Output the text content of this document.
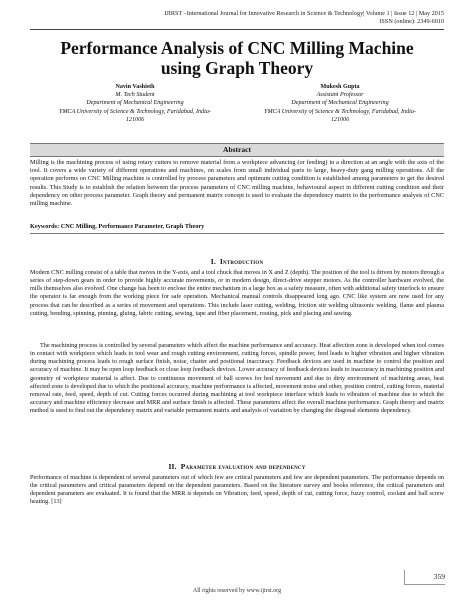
IJIRST –International Journal for Innovative Research in Science & Technology| Volume 1 | Issue 12 | May 2015
ISSN (online): 2349-6010
Performance Analysis of CNC Milling Machine
using Graph Theory
Navin Vashisth
M. Tech Student
Department of Mechanical Engineering
YMCA University of Science & Technology, Faridabad, India-
121006
Mukesh Gupta
Assistant Professor
Department of Mechanical Engineering
YMCA University of Science & Technology, Faridabad, India-
121006
Abstract
Milling is the machining process of using rotary cutters to remove material from a workpiece advancing (or feeding) in a direction at an angle with the axis of the tool. It covers a wide variety of different operations and machines, on scales from small individual parts to large, heavy-duty gang milling operations. All the operation performs on CNC Milling machine is controlled by process parameters and optimum cutting condition is established among parameters to get the desired results. This Study is to establish the relation between the process parameters of CNC milling machine, behavioural aspect in different cutting condition and their dependency on other process parameter. Graph theory and permanent matrix concept is used to evaluate the dependency matrix to the performance analysis of CNC milling machine.
Keywords: CNC Milling, Performance Parameter, Graph Theory
I. Introduction

Modern CNC milling consist of a table that moves in the Y-axis, and a tool chuck that moves in X and Z (depth). The position of the tool is driven by motors through a series of step-down gears in order to provide highly accurate movements, or in modern design, direct-drive stepper motors. As the controller hardware evolved, the mills themselves also evolved. One change has been to enclose the entire mechanism in a large box as a safety measure, often with additional safety interlock to ensure the operator is far enough from the working piece for safe operation. Mechanical manual controls disappeared long ago. CNC like system are now used for any process that can be described as a series of movement and operations. This include laser cutting, welding, friction stir welding ultrasonic welding, flame and plasma cutting, bending, spinning, pinning, gluing, fabric cutting, sewing, tape and fiber placement, routing, pick and placing and sawing.

The machining process is controlled by several parameters which affect the machine performance and accuracy. Heat affection zone is developed when tool comes in contact with workpiece which leads to tool wear and rough cutting environment, cutting forces, spindle power, feed leads to higher vibration and higher vibration during machining process leads to rough surface finish, noise, chatter and positional inaccuracy. Feedback devices are used in machine to control the position and accuracy of machine. It may be open loop feedback or close loop feedback devices. Lower accuracy of feedback devices leads to inaccuracy in machining position and geometry of workpiece material is affect. Due to continuous movement of ball screws for bed movement and due to dirty environment of machining areas, heat affected zone is developed due to which the positional accuracy, machine performance is affected, movement noise and other, position control, cutting forces, material removal rate, feed, speed, depth of cut. Cutting forces occurred during machining at tool workpiece interface which leads to vibration of machine due to which the accuracy and machine efficiency decrease and MRR and surface finish is affected. These parameters affect the overall machine performance. Graph theory and matrix method is used to find out the dependency matrix and variable permanent matrix and analysis of variation by changing the diagonal elements dependency.

II. Parameter evaluation and dependency

Performance of machine is dependent of several parameters out of which few are critical parameters and few are dependent parameters. The performance depends on the critical parameters and critical parameters depend on the dependent parameters. Based on the literature survey and books reference, the critical parameters and dependent parameters are evaluated. It is found that the MRR is depends on Vibration, feed, speed, depth of cut, cutting force, fuzzy control, coolant and ball screw heating. [13]

359
All rights reserved by www.ijirst.org
